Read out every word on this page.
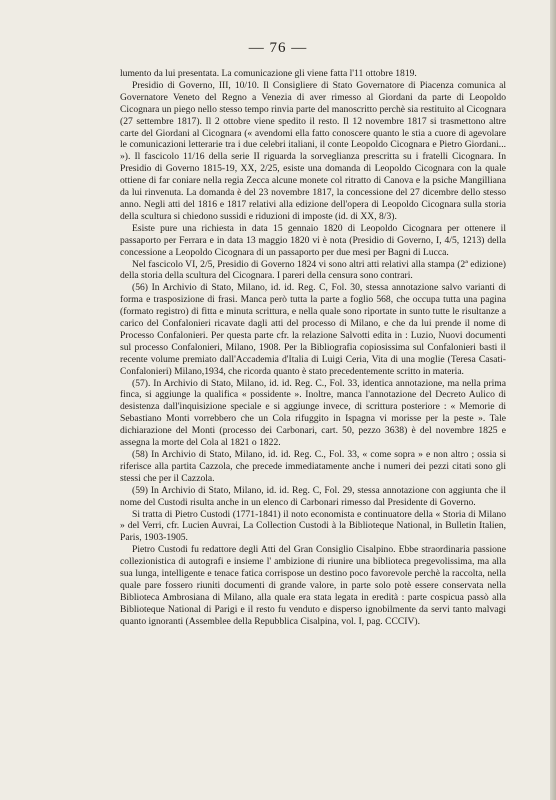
— 76 —

lumento da lui presentata. La comunicazione gli viene fatta l'11 ottobre 1819.

Presidio di Governo, III, 10/10. Il Consigliere di Stato Governatore di Piacenza comunica al Governatore Veneto del Regno a Venezia di aver rimesso al Giordani da parte di Leopoldo Cicognara un piego nello stesso tempo rinvia parte del manoscritto perchè sia restituito al Cicognara (27 settembre 1817). Il 2 ottobre viene spedito il resto. Il 12 novembre 1817 si trasmettono altre carte del Giordani al Cicognara (« avendomi ella fatto conoscere quanto le stia a cuore di agevolare le comunicazioni letterarie tra i due celebri italiani, il conte Leopoldo Cicognara e Pietro Giordani... »). Il fascicolo 11/16 della serie II riguarda la sorveglianza prescritta su i fratelli Cicognara. In Presidio di Governo 1815-19, XX, 2/25, esiste una domanda di Leopoldo Cicognara con la quale ottiene di far coniare nella regia Zecca alcune monete col ritratto di Canova e la psiche Mangilliana da lui rinvenuta. La domanda è del 23 novembre 1817, la concessione del 27 dicembre dello stesso anno. Negli atti del 1816 e 1817 relativi alla edizione dell'opera di Leopoldo Cicognara sulla storia della scultura si chiedono sussidi e riduzioni di imposte (id. di XX, 8/3).

Esiste pure una richiesta in data 15 gennaio 1820 di Leopoldo Cicognara per ottenere il passaporto per Ferrara e in data 13 maggio 1820 vi è nota (Presidio di Governo, I, 4/5, 1213) della concessione a Leopoldo Cicognara di un passaporto per due mesi per Bagni di Lucca.

Nel fascicolo VI, 2/5, Presidio di Governo 1824 vi sono altri atti relativi alla stampa (2ª edizione) della storia della scultura del Cicognara. I pareri della censura sono contrari.

(56) In Archivio di Stato, Milano, id. id. Reg. C, Fol. 30, stessa annotazione salvo varianti di forma e trasposizione di frasi. Manca però tutta la parte a foglio 568, che occupa tutta una pagina (formato registro) di fitta e minuta scrittura, e nella quale sono riportate in sunto tutte le risultanze a carico del Confalonieri ricavate dagli atti del processo di Milano, e che da lui prende il nome di Processo Confalonieri. Per questa parte cfr. la relazione Salvotti edita in : Luzio, Nuovi documenti sul processo Confalonieri, Milano, 1908. Per la Bibliografia copiosissima sul Confalonieri basti il recente volume premiato dall'Accademia d'Italia di Luigi Ceria, Vita di una moglie (Teresa Casati-Confalonieri) Milano,1934, che ricorda quanto è stato precedentemente scritto in materia.

(57). In Archivio di Stato, Milano, id. id. Reg. C., Fol. 33, identica annotazione, ma nella prima finca, si aggiunge la qualifica « possidente ». Inoltre, manca l'annotazione del Decreto Aulico di desistenza dall'inquisizione speciale e si aggiunge invece, di scrittura posteriore : « Memorie di Sebastiano Monti vorrebbero che un Cola rifuggito in Ispagna vi morisse per la peste ». Tale dichiarazione del Monti (processo dei Carbonari, cart. 50, pezzo 3638) è del novembre 1825 e assegna la morte del Cola al 1821 o 1822.

(58) In Archivio di Stato, Milano, id. id. Reg. C., Fol. 33, « come sopra » e non altro ; ossia si riferisce alla partita Cazzola, che precede immediatamente anche i numeri dei pezzi citati sono gli stessi che per il Cazzola.

(59) In Archivio di Stato, Milano, id. id. Reg. C, Fol. 29, stessa annotazione con aggiunta che il nome del Custodi risulta anche in un elenco di Carbonari rimesso dal Presidente di Governo.

Si tratta di Pietro Custodi (1771-1841) il noto economista e continuatore della « Storia di Milano » del Verri, cfr. Lucien Auvrai, La Collection Custodi à la Biblioteque National, in Bulletin Italien, Paris, 1903-1905.

Pietro Custodi fu redattore degli Atti del Gran Consiglio Cisalpino. Ebbe straordinaria passione collezionistica di autografi e insieme l' ambizione di riunire una biblioteca pregevolissima, ma alla sua lunga, intelligente e tenace fatica corrispose un destino poco favorevole perchè la raccolta, nella quale pare fossero riuniti documenti di grande valore, in parte solo potè essere conservata nella Biblioteca Ambrosiana di Milano, alla quale era stata legata in eredità : parte cospicua passò alla Biblioteque National di Parigi e il resto fu venduto e disperso ignobilmente da servi tanto malvagi quanto ignoranti (Assemblee della Repubblica Cisalpina, vol. I, pag. CCCIV).
